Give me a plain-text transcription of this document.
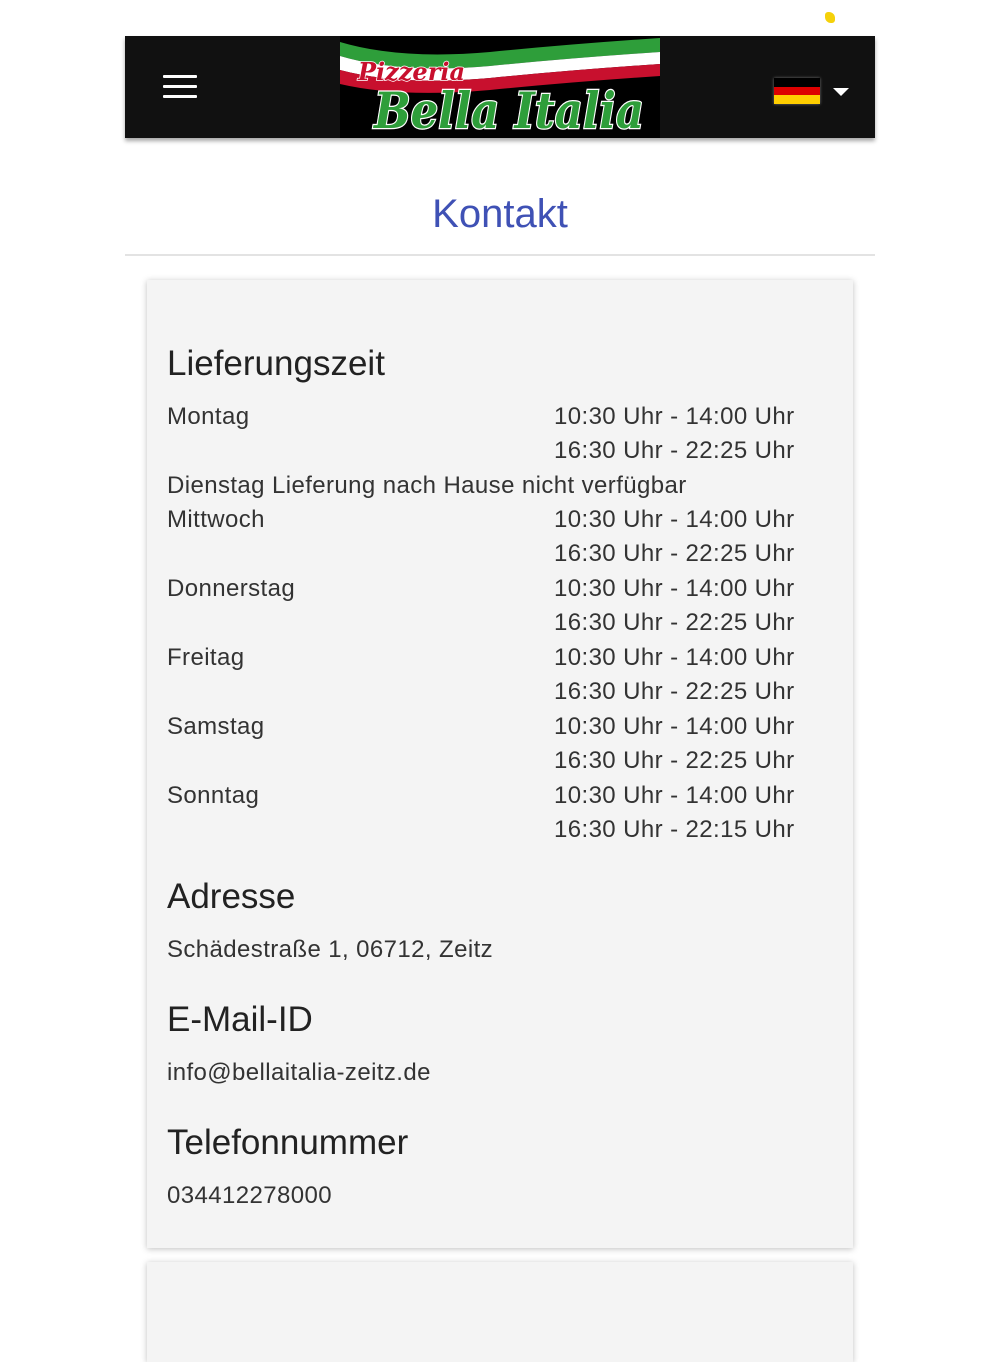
Pizzeria
Bella Italia
Kontakt
Lieferungszeit
Montag	10:30 Uhr - 14:00 Uhr
16:30 Uhr - 22:25 Uhr
Dienstag Lieferung nach Hause nicht verfügbar
Mittwoch	10:30 Uhr - 14:00 Uhr
16:30 Uhr - 22:25 Uhr
Donnerstag	10:30 Uhr - 14:00 Uhr
16:30 Uhr - 22:25 Uhr
Freitag	10:30 Uhr - 14:00 Uhr
16:30 Uhr - 22:25 Uhr
Samstag	10:30 Uhr - 14:00 Uhr
16:30 Uhr - 22:25 Uhr
Sonntag	10:30 Uhr - 14:00 Uhr
16:30 Uhr - 22:15 Uhr
Adresse

Schädestraße 1, 06712, Zeitz

E-Mail-ID

info@bellaitalia-zeitz.de

Telefonnummer

034412278000
